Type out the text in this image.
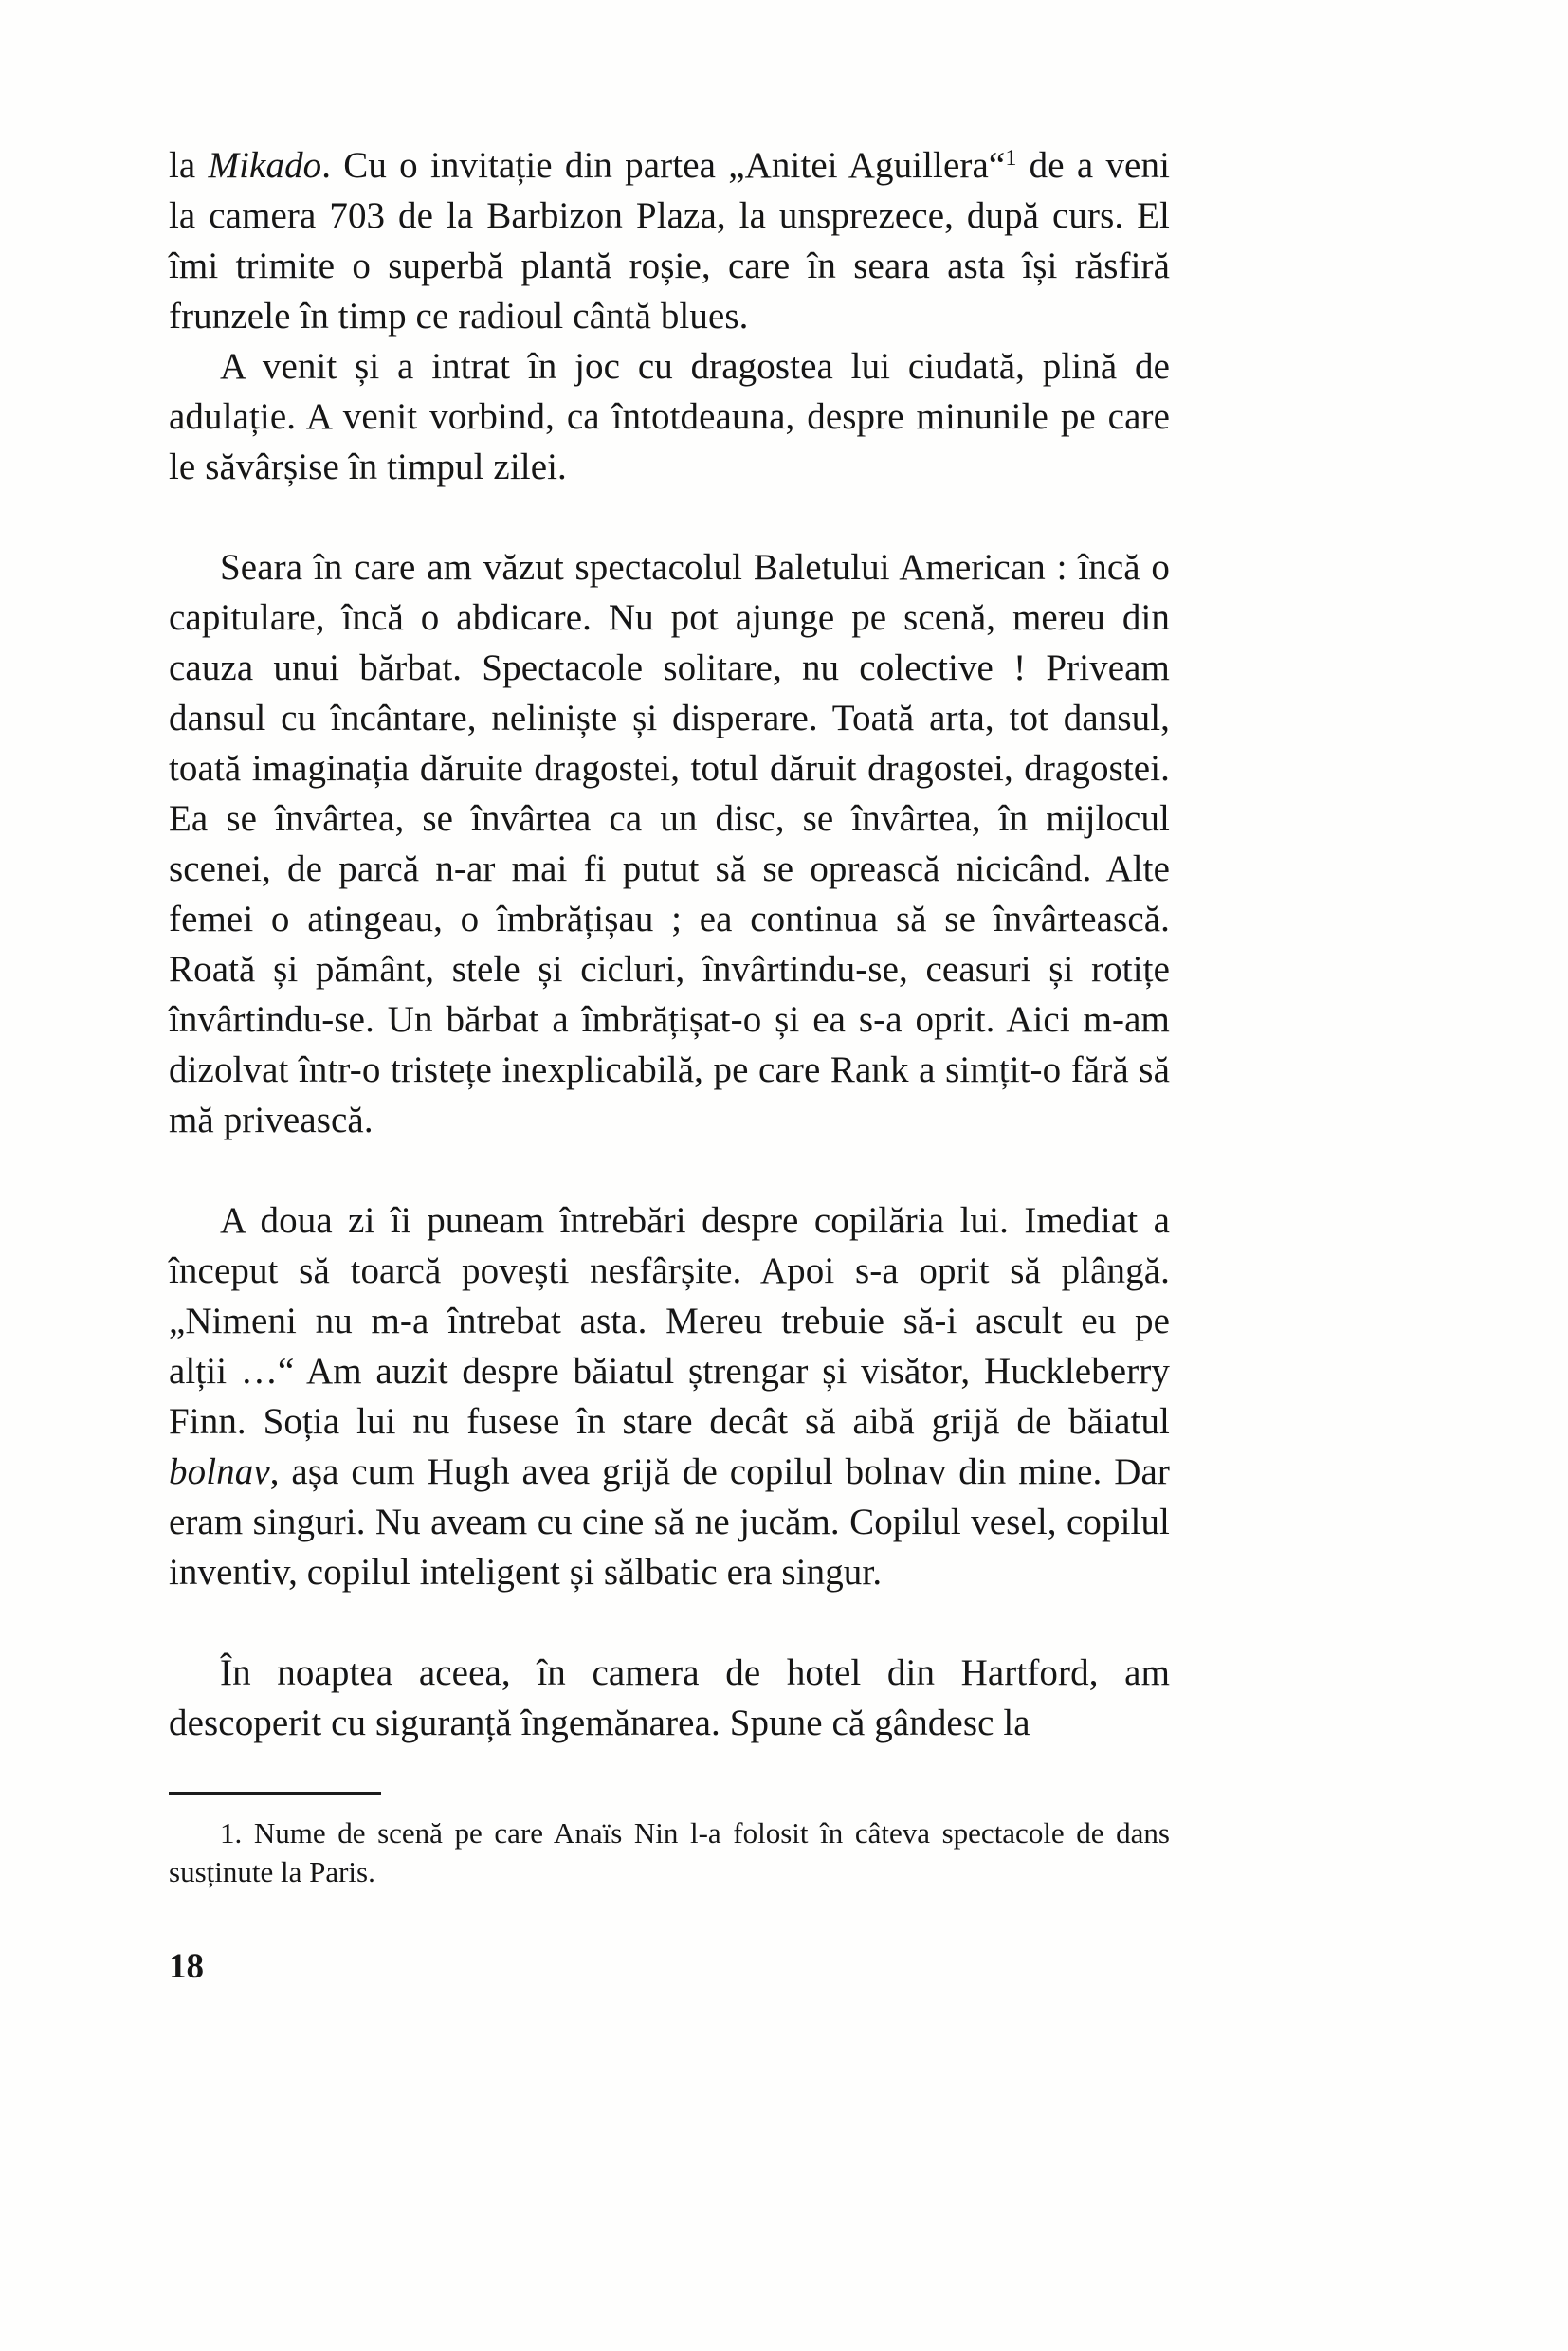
la Mikado. Cu o invitație din partea „Anitei Aguillera“$^1$ de a veni la camera 703 de la Barbizon Plaza, la unsprezece, după curs. El îmi trimite o superbă plantă roșie, care în seara asta își răsfiră frunzele în timp ce radioul cântă blues.

A venit și a intrat în joc cu dragostea lui ciudată, plină de adulație. A venit vorbind, ca întotdeauna, despre minunile pe care le săvârșise în timpul zilei.

Seara în care am văzut spectacolul Baletului American : încă o capitulare, încă o abdicare. Nu pot ajunge pe scenă, mereu din cauza unui bărbat. Spectacole solitare, nu colective ! Priveam dansul cu încântare, neliniște și disperare. Toată arta, tot dansul, toată imaginația dăruite dragostei, totul dăruit dragostei, dragostei. Ea se învârtea, se învârtea ca un disc, se învârtea, în mijlocul scenei, de parcă n-ar mai fi putut să se oprească nicicând. Alte femei o atingeau, o îmbrățișau ; ea continua să se învârtească. Roată și pământ, stele și cicluri, învârtindu-se, ceasuri și rotițe învârtindu-se. Un bărbat a îmbrățișat-o și ea s-a oprit. Aici m-am dizolvat într-o tristețe inexplicabilă, pe care Rank a simțit-o fără să mă privească.

A doua zi îi puneam întrebări despre copilăria lui. Imediat a început să toarcă povești nesfârșite. Apoi s-a oprit să plângă. „Nimeni nu m-a întrebat asta. Mereu trebuie să-i ascult eu pe alții …“ Am auzit despre băiatul ștrengar și visător, Huckleberry Finn. Soția lui nu fusese în stare decât să aibă grijă de băiatul bolnav, așa cum Hugh avea grijă de copilul bolnav din mine. Dar eram singuri. Nu aveam cu cine să ne jucăm. Copilul vesel, copilul inventiv, copilul inteligent și sălbatic era singur.

În noaptea aceea, în camera de hotel din Hartford, am descoperit cu siguranță îngemănarea. Spune că gândesc la

1. Nume de scenă pe care Anaïs Nin l-a folosit în câteva spectacole de dans susținute la Paris.

18
